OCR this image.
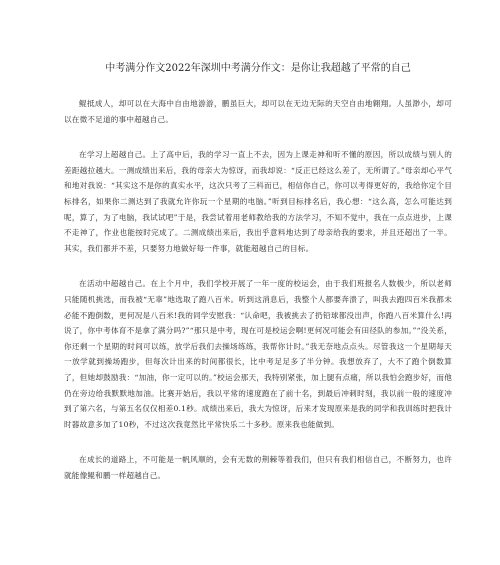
中考满分作文2022年深圳中考满分作文：是你让我超越了平常的自己

鲲抵成人，却可以在大海中自由地游游，鹏虽巨大，却可以在无边无际的天空自由地翱翔。人虽渺小，却可以在微不足道的事中超越自己。

在学习上超越自己。上了高中后，我的学习一直上不去，因为上课走神和听不懂的原因，所以成绩与别人的差距越拉越大。一测成绩出来后，我的母亲大为惊讶，而我却说：“反正已经这么差了，无所谓了。”母亲却心平气和地对我说：“其实这不是你的真实水平，这次只考了三科而已，相信你自己，你可以考得更好的，我给你定个目标排名，如果你二测达到了我就允许你玩一个星期的电脑。”听到目标排名后，我心想：“这么高，怎么可能达到呢，算了，为了电脑，我试试吧”于是，我尝试着用老师教给我的方法学习，不知不觉中，我在一点点进步，上课不走神了，作业也能按时完成了。二测成绩出来后，我出乎意料地达到了母亲给我的要求，并且还超出了一半。其实，我们都并不差，只要努力地做好每一件事，就能超越自己的目标。

在活动中超越自己。在上个月中，我们学校开展了一年一度的校运会，由于我们班报名人数极少，所以老师只能随机挑选，而我被“无辜”地选取了跑八百米。听到这消息后，我整个人都要奔溃了，叫我去跑四百米我都未必能不跑倒数，更何况是八百米!我的同学安慰我：“认命吧，我被挑去了扔铅球都没出声，你跑八百米算什么!再说了，你中考体育不是拿了满分吗?”“那只是中考，现在可是校运会啊!更何况可能会有田径队的参加。”“没关系，你还剩一个星期的时间可以练，放学后我们去操场练练，我帮你计时。”我无奈地点点头。尽管我这一个星期每天一放学就到操场跑步，但每次计出来的时间都很长，比中考足足多了半分钟。我想放弃了，大不了跑个倒数算了，但她却鼓励我：“加油，你一定可以的。”校运会那天，我特别紧张，加上腿有点痛，所以我怕会跑步好，而他仍在旁边给我默默地加油。比赛开始后，我以平常的速度跑在了前十名，到最后冲刺时刻，我以前一般的速度冲到了第六名，与第五名仅仅相差0.1秒。成绩出来后，我大为惊讶，后来才发现原来是我的同学和我训练时把我计时器故意多加了10秒，不过这次我竟然比平常快乐二十多秒。原来我也能做到。

在成长的道路上，不可能是一帆风顺的，会有无数的荆棘等着我们，但只有我们相信自己，不断努力，也许就能像鲲和鹏一样超越自己。
